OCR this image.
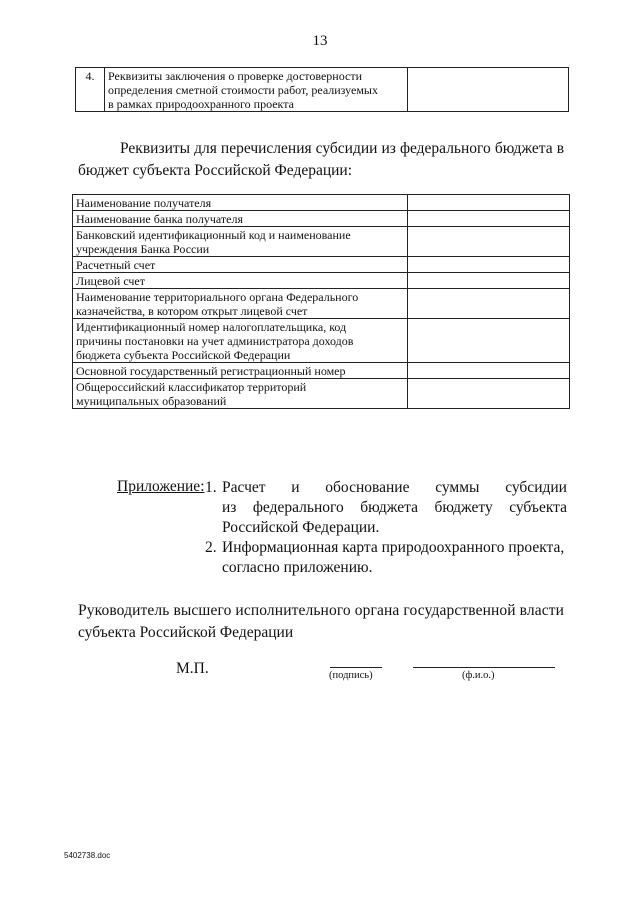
13
4.	Реквизиты заключения о проверке достоверности
определения сметной стоимости работ, реализуемых
в рамках природоохранного проекта

Реквизиты для перечисления субсидии из федерального бюджета в бюджет субъекта Российской Федерации:
Наименование получателя	

Наименование банка получателя	

Банковский идентификационный код и наименование
учреждения Банка России	

Расчетный счет	

Лицевой счет	

Наименование территориального органа Федерального
казначейства, в котором открыт лицевой счет	

Идентификационный номер налогоплательщика, код
причины постановки на учет администратора доходов
бюджета субъекта Российской Федерации	

Основной государственный регистрационный номер	

Общероссийский классификатор территорий
муниципальных образований	

Приложение: 1. Расчет и обоснование суммы субсидии
из федерального бюджета бюджету субъекта
Российской Федерации.
2. Информационная карта природоохранного проекта,
согласно приложению.
Руководитель высшего исполнительного органа государственной власти
субъекта Российской Федерации
М.П.	(подпись)	(ф.и.о.)
5402738.doc
